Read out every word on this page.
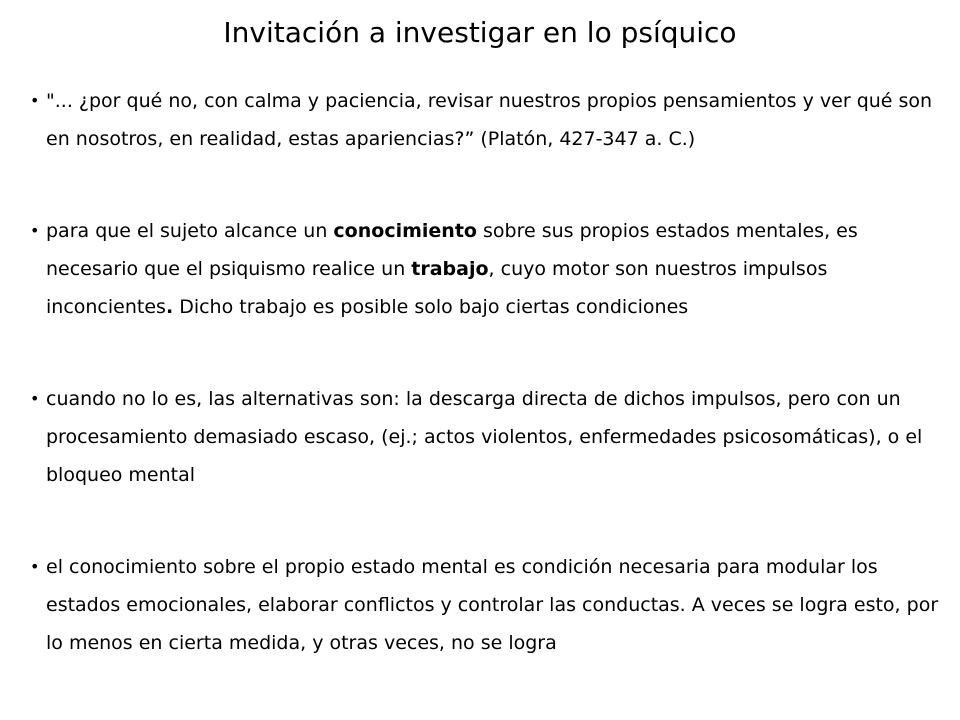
Invitación a investigar en lo psíquico
• "... ¿por qué no, con calma y paciencia, revisar nuestros propios pensamientos y ver qué son en nosotros, en realidad, estas apariencias?” (Platón, 427-347 a. C.)

• para que el sujeto alcance un conocimiento sobre sus propios estados mentales, es necesario que el psiquismo realice un trabajo, cuyo motor son nuestros impulsos inconcientes. Dicho trabajo es posible solo bajo ciertas condiciones

• cuando no lo es, las alternativas son: la descarga directa de dichos impulsos, pero con un procesamiento demasiado escaso, (ej.; actos violentos, enfermedades psicosomáticas), o el bloqueo mental

• el conocimiento sobre el propio estado mental es condición necesaria para modular los estados emocionales, elaborar conflictos y controlar las conductas. A veces se logra esto, por lo menos en cierta medida, y otras veces, no se logra
